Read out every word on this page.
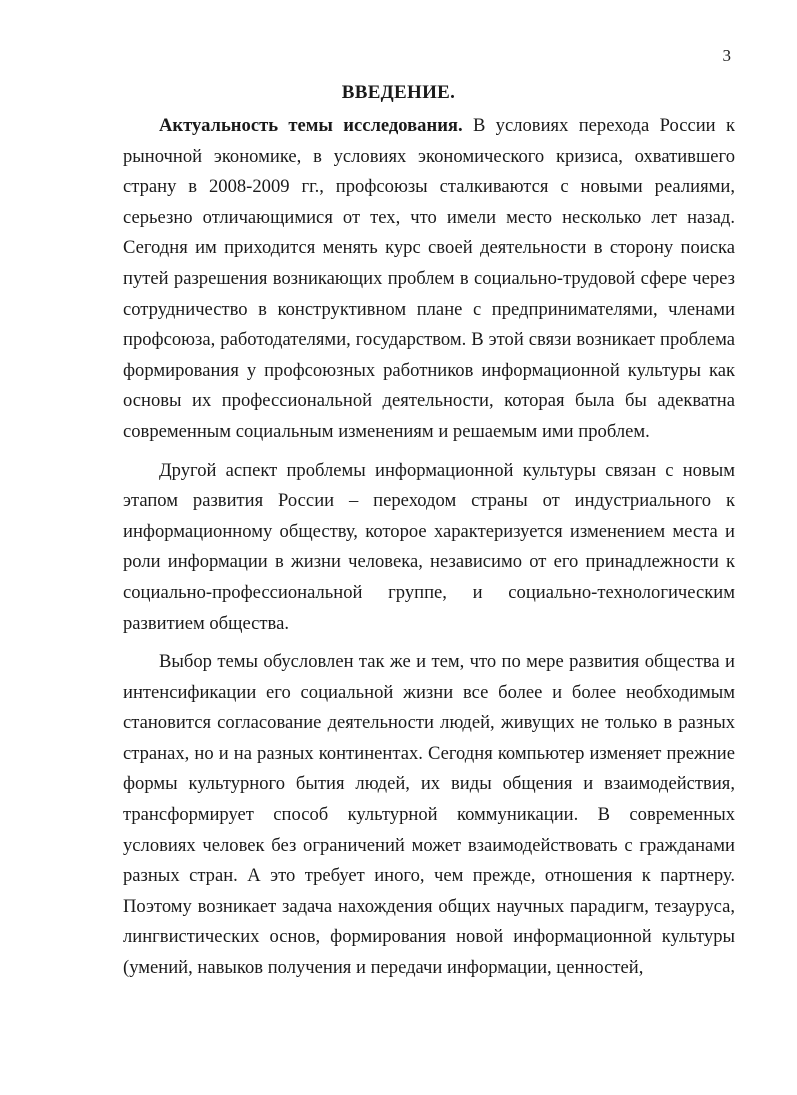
3
ВВЕДЕНИЕ.

Актуальность темы исследования. В условиях перехода России к рыночной экономике, в условиях экономического кризиса, охватившего страну в 2008-2009 гг., профсоюзы сталкиваются с новыми реалиями, серьезно отличающимися от тех, что имели место несколько лет назад. Сегодня им приходится менять курс своей деятельности в сторону поиска путей разрешения возникающих проблем в социально-трудовой сфере через сотрудничество в конструктивном плане с предпринимателями, членами профсоюза, работодателями, государством. В этой связи возникает проблема формирования у профсоюзных работников информационной культуры как основы их профессиональной деятельности, которая была бы адекватна современным социальным изменениям и решаемым ими проблем.

Другой аспект проблемы информационной культуры связан с новым этапом развития России – переходом страны от индустриального к информационному обществу, которое характеризуется изменением места и роли информации в жизни человека, независимо от его принадлежности к социально-профессиональной группе, и социально-технологическим развитием общества.

Выбор темы обусловлен так же и тем, что по мере развития общества и интенсификации его социальной жизни все более и более необходимым становится согласование деятельности людей, живущих не только в разных странах, но и на разных континентах. Сегодня компьютер изменяет прежние формы культурного бытия людей, их виды общения и взаимодействия, трансформирует способ культурной коммуникации. В современных условиях человек без ограничений может взаимодействовать с гражданами разных стран. А это требует иного, чем прежде, отношения к партнеру. Поэтому возникает задача нахождения общих научных парадигм, тезауруса, лингвистических основ, формирования новой информационной культуры (умений, навыков получения и передачи информации, ценностей,
